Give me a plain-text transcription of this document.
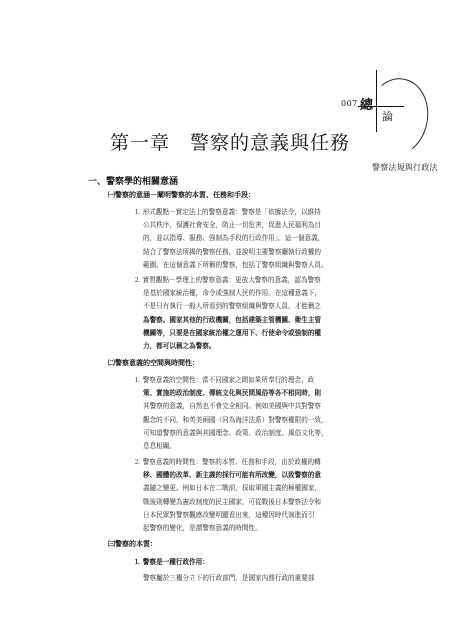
007 總
論
警察法規與行政法
第一章　警察的意義與任務
一、警察學的相關意涵
㈠警察的意涵－闡明警察的本質、任務和手段：
⒈ 形式觀點－實定法上的警察意義：警察是「依據法令，以維持
公共秩序，保護社會安全，防止一切危害，促進人民福利為目
的，並以指導、服務、強制為手段的行政作用」。這一個意義，
結合了警察法所揭的警察任務，並說明主要警察廳執行政權的
範圍。在這個意義下所稱的警察，包括了警察組織與警察人員。
⒉ 實質觀點－學理上的警察意義：更放大警察的意義，認為警察
是基於國家統治權，命令或強制人民的作用。在這種意義下，
不是只有執行一般人所看到的警察組織與警察人員，才能稱之
為警察。國家其他的行政機關，包括建築主管機關、衛生主管
機關等，只要是在國家統治權之運用下、行使命令或強制的權
力，都可以稱之為警察。
㈡警察意義的空間與時間性：
⒈ 警察意義的空間性：當不同國家之間如果所奉行的理念、政
策、實施的政治制度、傳統文化與民間風俗等各不相同時，則
其警察的意義，自然也不會完全相同。例如美國與中共對警察
觀念的不同，和英美兩國（同為海洋法系）對警察權限的一致，
可知道警察的意義與其國理念、政策、政治制度、風俗文化等，
息息相關。
⒉ 警察意義的時間性：警察的本質、任務和手段，由於政權的轉
移、國體的改革、新主義的採行可能有所改變，以致警察的意
義隨之變更。例如日本在二戰前，採取軍國主義的極權國家，
戰後則轉變為憲政制度的民主國家，可從戰後日本警察法令和
日本民眾對警察觀感改變明顯看出來，這種因時代演進而引
起警察的變化，是謂警察意義的時間性。
㈢警察的本質：
⒈ 警察是一種行政作用：
警察屬於三權分立下的行政部門，是國家內務行政的重要部
